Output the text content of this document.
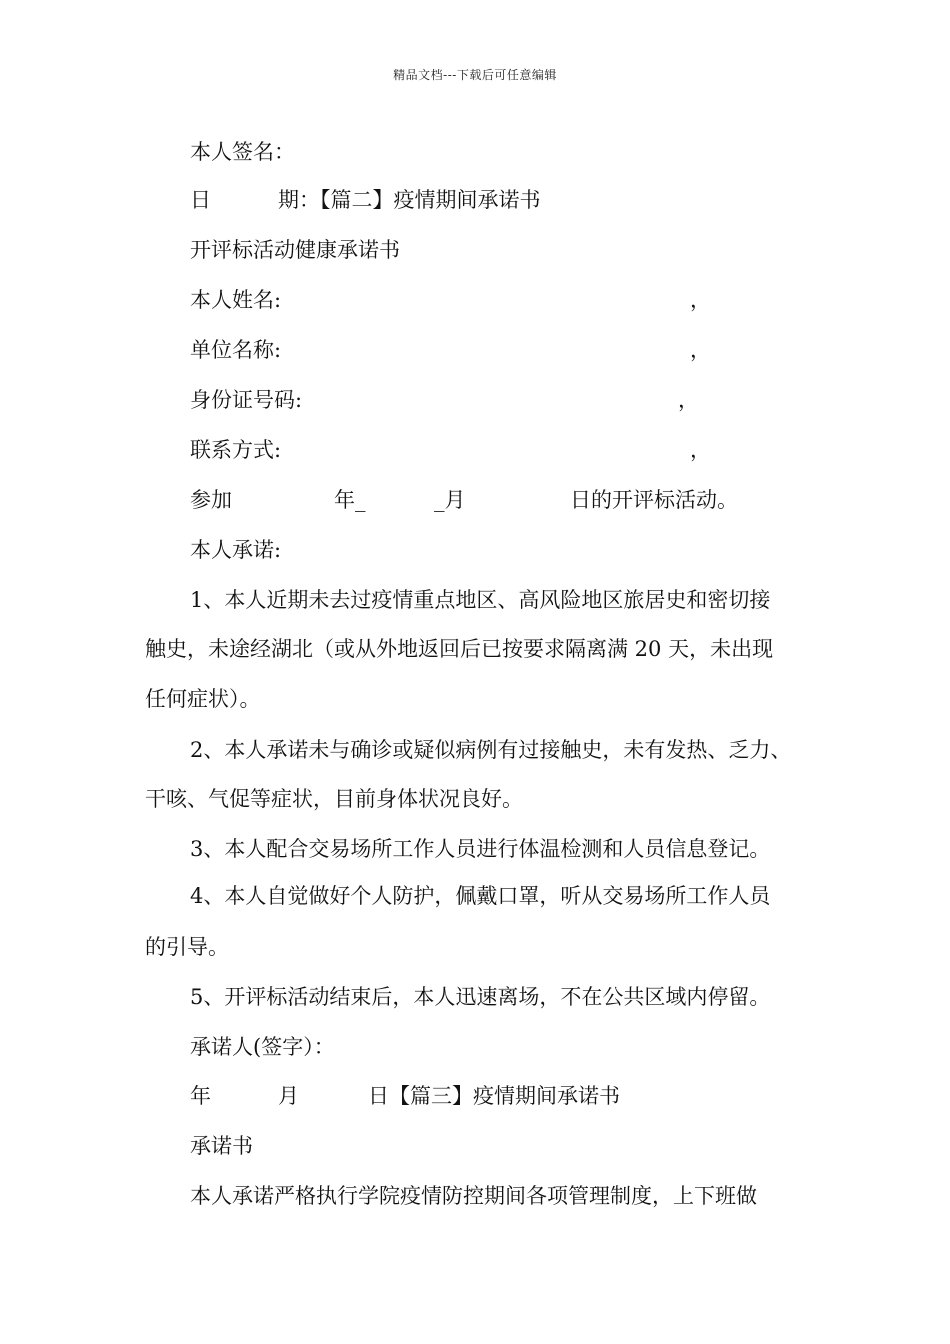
精品文档---下载后可任意编辑
本人签名：
日	期：【篇二】疫情期间承诺书
开评标活动健康承诺书
本人姓名:	，
单位名称:	，
身份证号码:	，
联系方式:	，
参加	年_	_月	日的开评标活动。
本人承诺:
1、本人近期未去过疫情重点地区、高风险地区旅居史和密切接
触史，未途经湖北（或从外地返回后已按要求隔离满 20 天，未出现
任何症状）。
2、本人承诺未与确诊或疑似病例有过接触史，未有发热、乏力、
干咳、气促等症状，目前身体状况良好。
3、本人配合交易场所工作人员进行体温检测和人员信息登记。
4、本人自觉做好个人防护，佩戴口罩，听从交易场所工作人员
的引导。
5、开评标活动结束后，本人迅速离场，不在公共区域内停留。
承诺人(签字）：
年	月	日【篇三】疫情期间承诺书
承诺书
本人承诺严格执行学院疫情防控期间各项管理制度，上下班做
